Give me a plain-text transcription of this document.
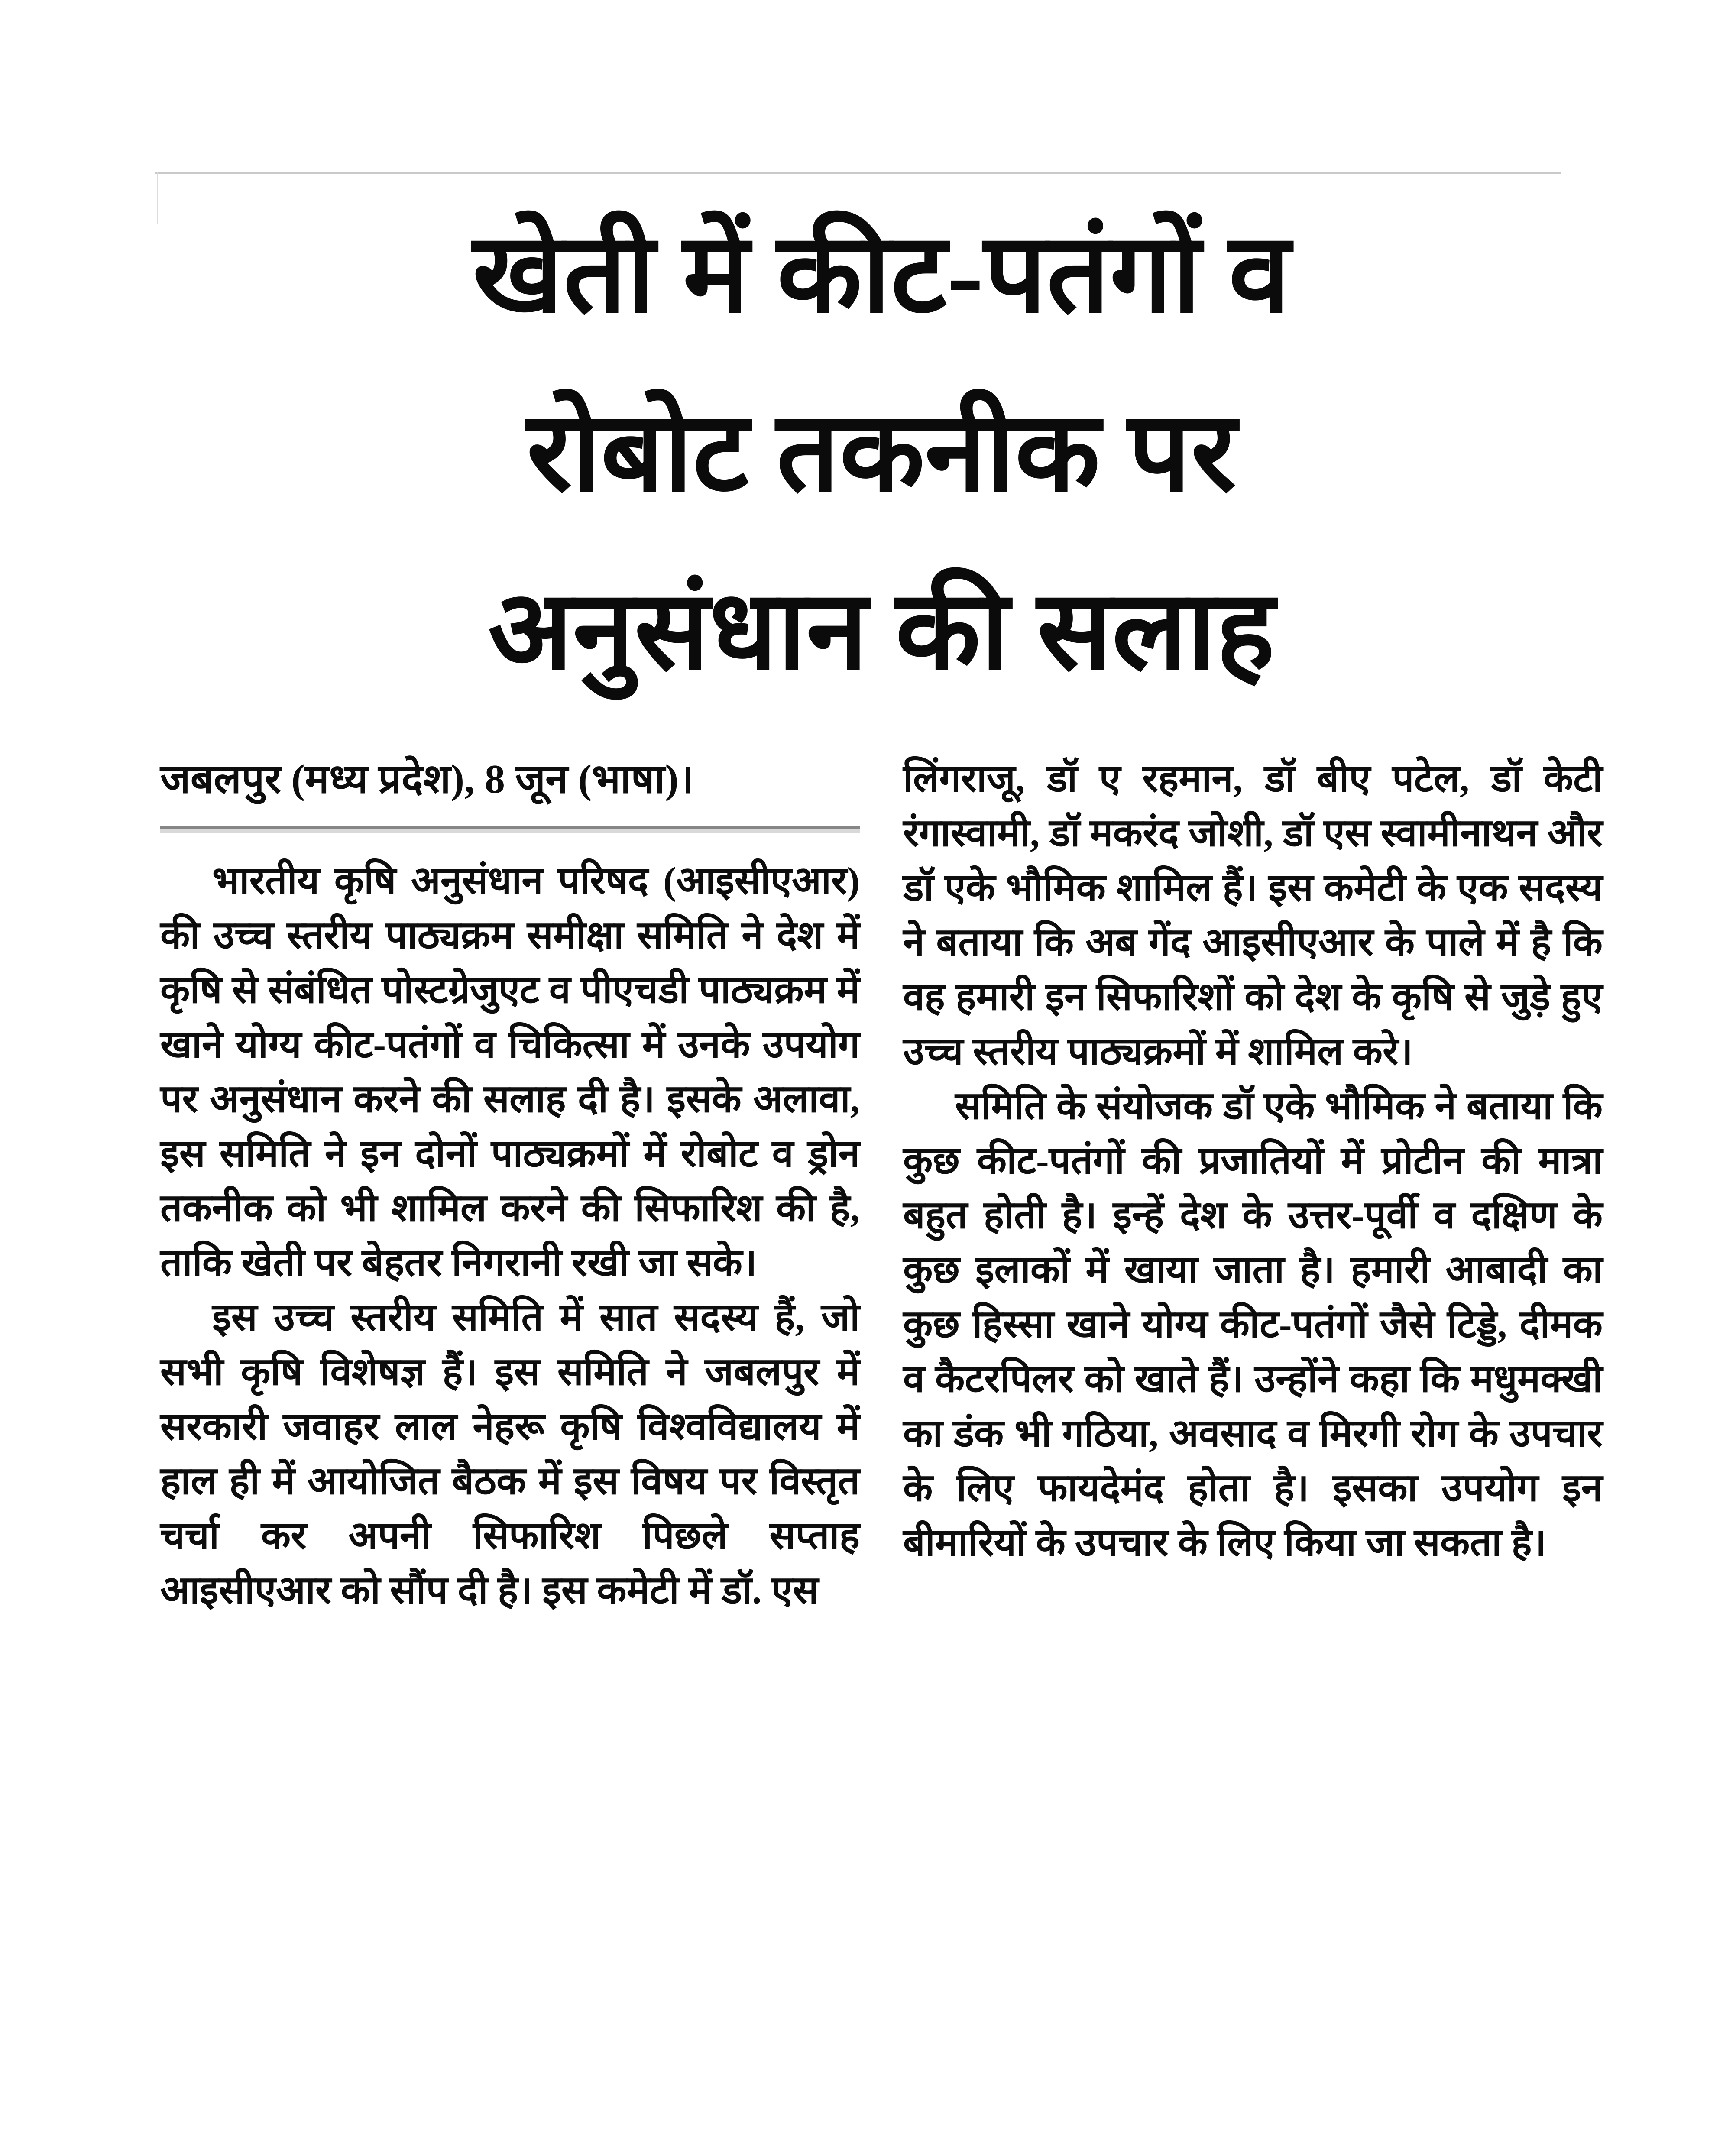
खेती में कीट-पतंगों व
रोबोट तकनीक पर
अनुसंधान की सलाह

जबलपुर (मध्य प्रदेश), 8 जून (भाषा)।

भारतीय कृषि अनुसंधान परिषद (आइसीएआर) की उच्च स्तरीय पाठ्यक्रम समीक्षा समिति ने देश में कृषि से संबंधित पोस्टग्रेजुएट व पीएचडी पाठ्यक्रम में खाने योग्य कीट-पतंगों व चिकित्सा में उनके उपयोग पर अनुसंधान करने की सलाह दी है। इसके अलावा, इस समिति ने इन दोनों पाठ्यक्रमों में रोबोट व ड्रोन तकनीक को भी शामिल करने की सिफारिश की है, ताकि खेती पर बेहतर निगरानी रखी जा सके।

इस उच्च स्तरीय समिति में सात सदस्य हैं, जो सभी कृषि विशेषज्ञ हैं। इस समिति ने जबलपुर में सरकारी जवाहर लाल नेहरू कृषि विश्वविद्यालय में हाल ही में आयोजित बैठक में इस विषय पर विस्तृत चर्चा कर अपनी सिफारिश पिछले सप्ताह आइसीएआर को सौंप दी है। इस कमेटी में डॉ. एस

लिंगराजू, डॉ ए रहमान, डॉ बीए पटेल, डॉ केटी रंगास्वामी, डॉ मकरंद जोशी, डॉ एस स्वामीनाथन और डॉ एके भौमिक शामिल हैं। इस कमेटी के एक सदस्य ने बताया कि अब गेंद आइसीएआर के पाले में है कि वह हमारी इन सिफारिशों को देश के कृषि से जुड़े हुए उच्च स्तरीय पाठ्यक्रमों में शामिल करे।

समिति के संयोजक डॉ एके भौमिक ने बताया कि कुछ कीट-पतंगों की प्रजातियों में प्रोटीन की मात्रा बहुत होती है। इन्हें देश के उत्तर-पूर्वी व दक्षिण के कुछ इलाकों में खाया जाता है। हमारी आबादी का कुछ हिस्सा खाने योग्य कीट-पतंगों जैसे टिड्डे, दीमक व कैटरपिलर को खाते हैं। उन्होंने कहा कि मधुमक्खी का डंक भी गठिया, अवसाद व मिरगी रोग के उपचार के लिए फायदेमंद होता है। इसका उपयोग इन बीमारियों के उपचार के लिए किया जा सकता है।
